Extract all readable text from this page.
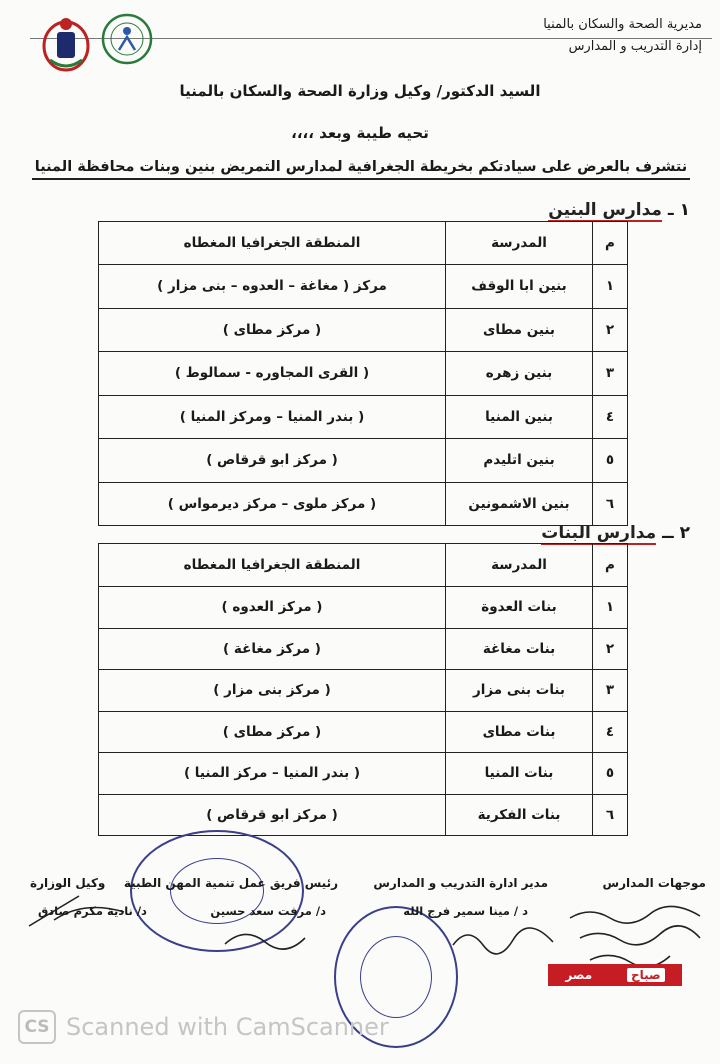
مديرية الصحة والسكان بالمنيا
إدارة التدريب و المدارس
السيد الدكتور/ وكيل وزارة الصحة والسكان بالمنيا
تحيه طيبة وبعد ،،،،
نتشرف بالعرض على سيادتكم بخريطة الجغرافية لمدارس التمريض بنين وبنات محافظة المنيا
١ ـ مدارس البنين
م	المدرسة	المنطقة الجغرافيا المغطاه
١	بنين ابا الوقف	مركز ( مغاغة – العدوه – بنى مزار )
٢	بنين مطاى	( مركز مطاى )
٣	بنين زهره	( القرى المجاوره - سمالوط )
٤	بنين المنيا	( بندر المنيا – ومركز المنيا )
٥	بنين اتليدم	( مركز ابو قرقاص )
٦	بنين الاشمونين	( مركز ملوى – مركز ديرمواس )
٢ ــ مدارس البنات
م	المدرسة	المنطقة الجغرافيا المغطاه
١	بنات العدوة	( مركز العدوه )
٢	بنات مغاغة	( مركز مغاغة )
٣	بنات بنى مزار	( مركز بنى مزار )
٤	بنات مطاى	( مركز مطاى )
٥	بنات المنيا	( بندر المنيا – مركز المنيا )
٦	بنات الفكرية	( مركز ابو قرقاص )
موجهات المدارس
مدير ادارة التدريب و المدارس
رئيس فريق عمل تنمية المهن الطبية
وكيل الوزارة
د / مينا سمير فرج الله
د/ مرفت سعد حسين
د/ نادية مكرم صادق
صباح
مصر
CS Scanned with CamScanner
